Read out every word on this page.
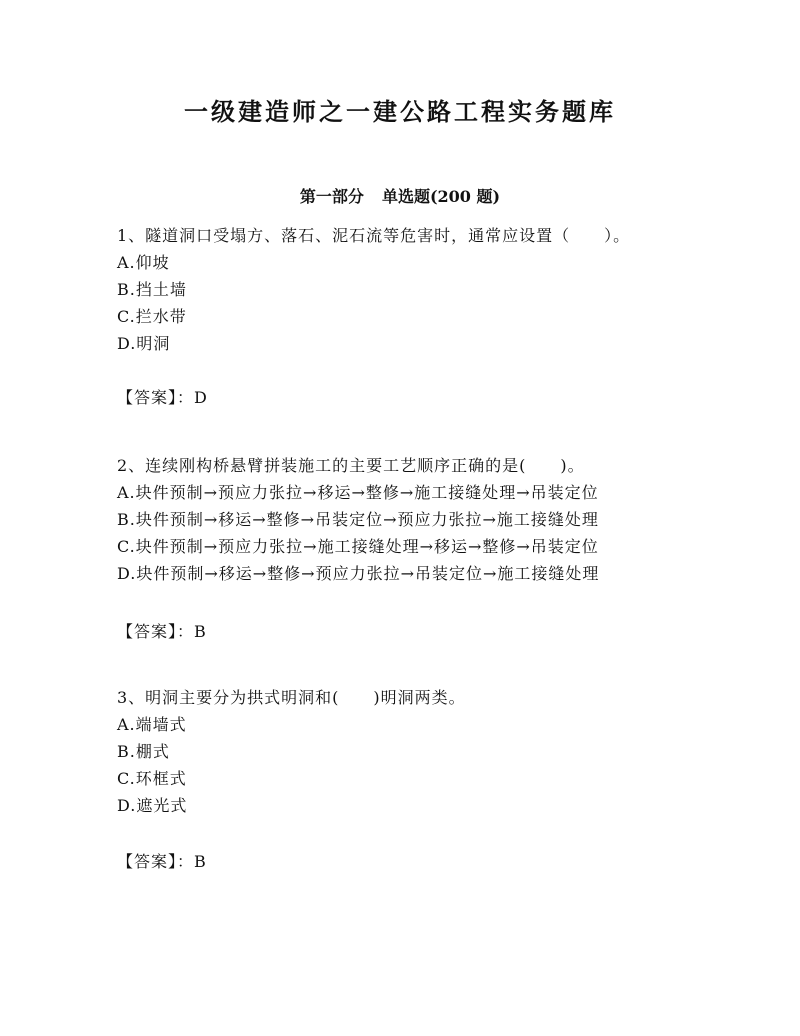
一级建造师之一建公路工程实务题库
第一部分 单选题(200 题)
1、隧道洞口受塌方、落石、泥石流等危害时，通常应设置（　　）。
A.仰坡
B.挡土墙
C.拦水带
D.明洞
【答案】：D
2、连续刚构桥悬臂拼装施工的主要工艺顺序正确的是(　　)。
A.块件预制→预应力张拉→移运→整修→施工接缝处理→吊装定位
B.块件预制→移运→整修→吊装定位→预应力张拉→施工接缝处理
C.块件预制→预应力张拉→施工接缝处理→移运→整修→吊装定位
D.块件预制→移运→整修→预应力张拉→吊装定位→施工接缝处理
【答案】：B
3、明洞主要分为拱式明洞和(　　)明洞两类。
A.端墙式
B.棚式
C.环框式
D.遮光式
【答案】：B
